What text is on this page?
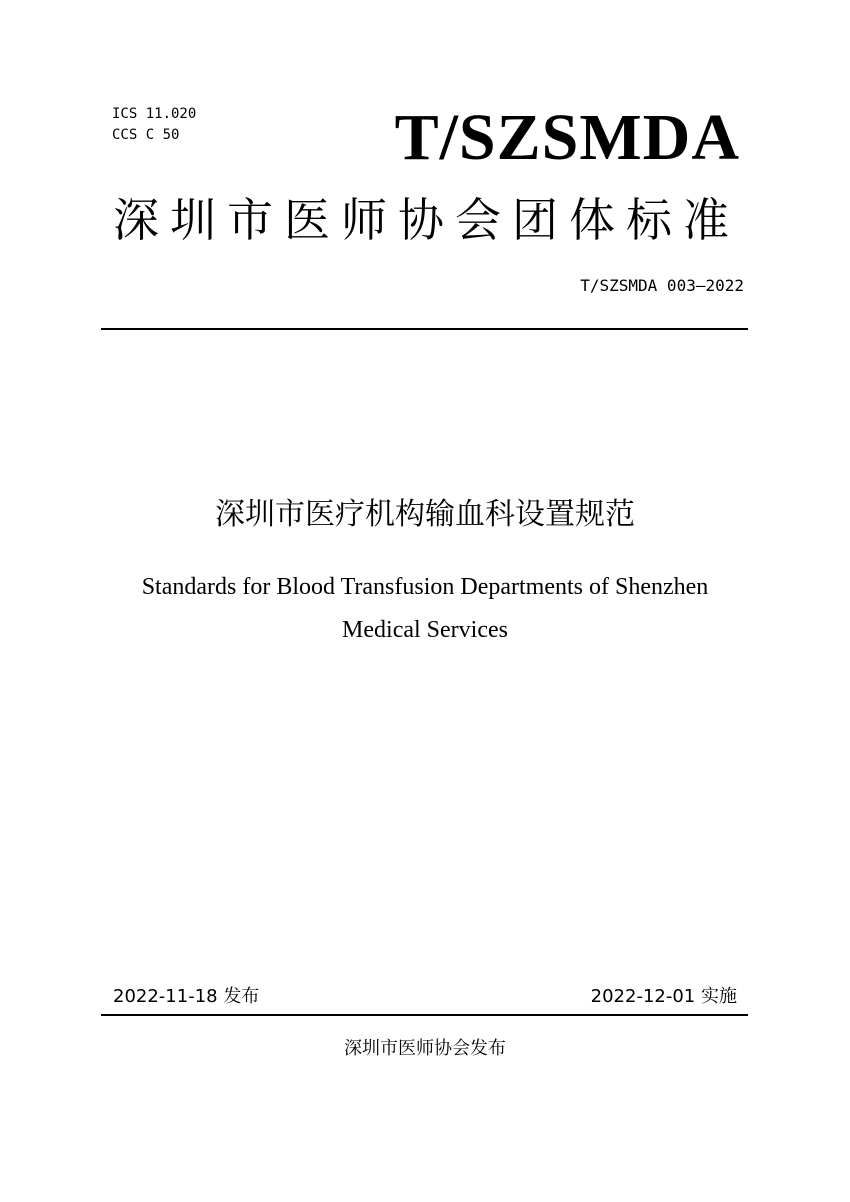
ICS 11.020
CCS C 50	T/SZSMDA
深圳市医师协会团体标准
T/SZSMDA 003—2022
深圳市医疗机构输血科设置规范
Standards for Blood Transfusion Departments of Shenzhen
Medical Services
2022-11-18 发布	2022-12-01 实施
深圳市医师协会发布
